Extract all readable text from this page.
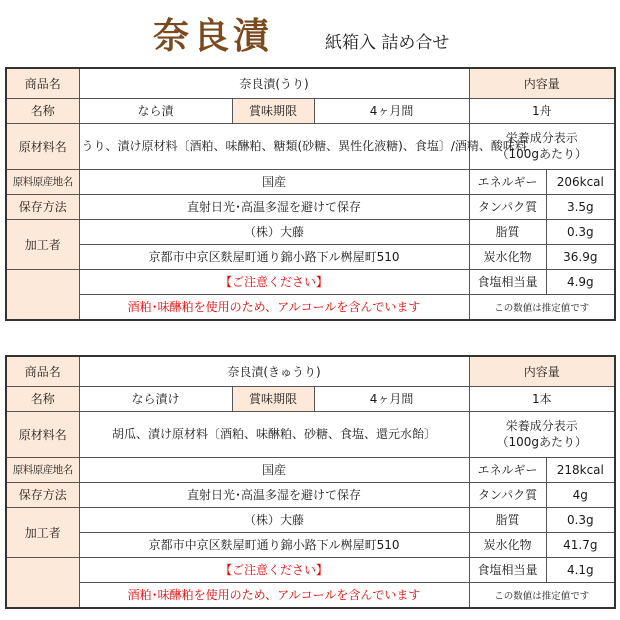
奈良漬	紙箱入 詰め合せ
商品名	奈良漬(うり)			内容量	
名称	なら漬	賞味期限	4ヶ月間	1舟	
原材料名	うり、漬け原材料〔酒粕、味醂粕、糖類(砂糖、異性化液糖)、食塩〕/酒精、酸味料			栄養成分表示
（100gあたり）	

原料原産地名	国産			エネルギー	206kcal
保存方法	直射日光･高温多湿を避けて保存			タンパク質	3.5g
加工者	（株）大藤			脂質	0.3g
	京都市中京区麩屋町通り錦小路下ル桝屋町510			炭水化物	36.9g
	【ご注意ください】			食塩相当量	4.9g
	酒粕･味醂粕を使用のため、アルコールを含んでいます			この数値は推定値です	
商品名	奈良漬(きゅうり)			内容量	
名称	なら漬け	賞味期限	4ヶ月間	1本	
原材料名	胡瓜、漬け原材料〔酒粕、味醂粕、砂糖、食塩、還元水飴〕			栄養成分表示
（100gあたり）	

原料原産地名	国産			エネルギー	218kcal
保存方法	直射日光･高温多湿を避けて保存			タンパク質	4g
加工者	（株）大藤			脂質	0.3g
	京都市中京区麩屋町通り錦小路下ル桝屋町510			炭水化物	41.7g
	【ご注意ください】			食塩相当量	4.1g
	酒粕･味醂粕を使用のため、アルコールを含んでいます			この数値は推定値です	
